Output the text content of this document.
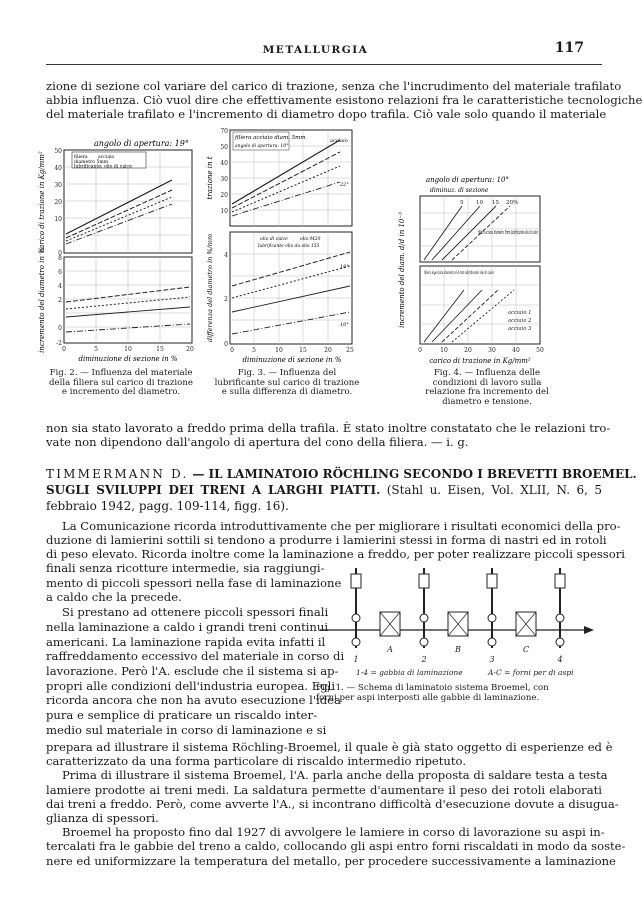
METALLURGIA	117
zione di sezione col variare del carico di trazione, senza che l'incrudimento del materiale trafilato
abbia influenza. Ciò vuol dire che effettivamente esistono relazioni fra le caratteristiche tecnologiche
del materiale trafilato e l'incremento di diametro dopo trafila. Ciò vale solo quando il materiale
angolo di apertura: 19°
filiera acciaio
diametro 5mm
lubrificante: olio di calce
50
40
30
20
10
0
8
6
4
2
0
-2
0	5	10	15	20
diminuzione di sezione in %
carico di trazione in Kg/mm²
incremento del diametro in %
Fig. 2. — Influenza del materiale della filiera sul carico di trazione e incremento del diametro.
filiera acciaio diam. 5mm
angolo di apertura: 10°
70
50
40
30
20
10
acciaio
22°
olio di calce	olio M20
lubrificante olio da olio 155
4
2
0
18°
10°
0	5	10	15	20 25
diminuzione di sezione in %
trazione in t
differenza del diametro in %/mm
Fig. 3. — Influenza del lubrificante sul carico di trazione e sulla differenza di diametro.
angolo di apertura: 10°
diminuz. di sezione
5 10 15 20%
filiera acciaio diametro 5mm lubrificante olio di calce
filiera lega dura diametro 6-8 mm lubrificante olio di calce
acciaio 1
acciaio 2
acciaio 3
0	10	20	30	40	50
carico di trazione in Kg/mm²
incremento del diam. d/d in 10⁻³
Fig. 4. — Influenza delle condizioni di lavoro sulla relazione fra incremento del diametro e tensione.
non sia stato lavorato a freddo prima della trafila. È stato inoltre constatato che le relazioni tro-
vate non dipendono dall'angolo di apertura del cono della filiera. — i. g.
TIMMERMANN D. — IL LAMINATOIO RÖCHLING SECONDO I BREVETTI BROEMEL.
SUGLI SVILUPPI DEI TRENI A LARGHI PIATTI. (Stahl u. Eisen, Vol. XLII, N. 6, 5
febbraio 1942, pagg. 109-114, figg. 16).
La Comunicazione ricorda introduttivamente che per migliorare i risultati economici della pro-
duzione di lamierini sottili si tendono a produrre i lamierini stessi in forma di nastri ed in rotoli
di peso elevato. Ricorda inoltre come la laminazione a freddo, per poter realizzare piccoli spessori
finali senza ricotture intermedie, sia raggiungi-
mento di piccoli spessori nella fase di laminazione
a caldo che la precede.
Si prestano ad ottenere piccoli spessori finali
nella laminazione a caldo i grandi treni continui
americani. La laminazione rapida evita infatti il
raffreddamento eccessivo del materiale in corso di
lavorazione. Però l'A. esclude che il sistema si ap-
propri alle condizioni dell'industria europea. Egli
ricorda ancora che non ha avuto esecuzione l'idea
pura e semplice di praticare un riscaldo inter-
medio sul materiale in corso di laminazione e si
1	2	3	4
A	B	C
1-4 = gabbia di laminazione	A-C = forni per di aspi
Fig. 1. — Schema di laminatoio sistema Broemel, con forni per aspi interposti alle gabbie di laminazione.
prepara ad illustrare il sistema Röchling-Broemel, il quale è già stato oggetto di esperienze ed è
caratterizzato da una forma particolare di riscaldo intermedio ripetuto.
Prima di illustrare il sistema Broemel, l'A. parla anche della proposta di saldare testa a testa
lamiere prodotte ai treni medi. La saldatura permette d'aumentare il peso dei rotoli elaborati
dai treni a freddo. Però, come avverte l'A., si incontrano difficoltà d'esecuzione dovute a disugua-
glianza di spessori.
Broemel ha proposto fino dal 1927 di avvolgere le lamiere in corso di lavorazione su aspi in-
tercalati fra le gabbie del treno a caldo, collocando gli aspi entro forni riscaldati in modo da soste-
nere ed uniformizzare la temperatura del metallo, per procedere successivamente a laminazione
